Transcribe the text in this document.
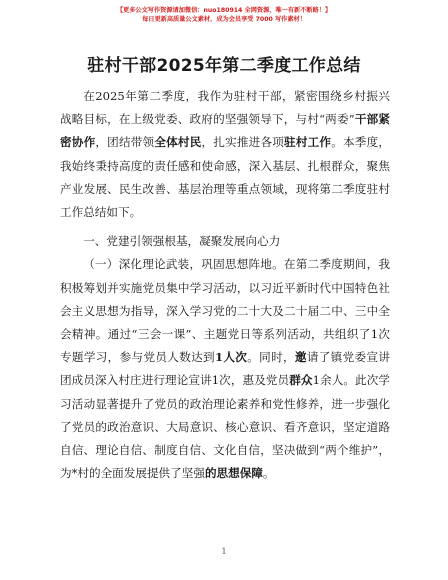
【更多公文写作资源请加微信：nuo180914 全网资源，唯一有新不断路！】
每日更新高质量公文素材，成为会员享受 7000 写作素材！
驻村干部2025年第二季度工作总结

在2025年第二季度，我作为驻村干部，紧密围绕乡村振兴战略目标，在上级党委、政府的坚强领导下，与村“两委”干部紧密协作，团结带领全体村民，扎实推进各项驻村工作。本季度，我始终秉持高度的责任感和使命感，深入基层、扎根群众，聚焦产业发展、民生改善、基层治理等重点领域，现将第二季度驻村工作总结如下。

一、党建引领强根基，凝聚发展向心力

（一）深化理论武装，巩固思想阵地。在第二季度期间，我积极筹划并实施党员集中学习活动，以习近平新时代中国特色社会主义思想为指导，深入学习党的二十大及二十届二中、三中全会精神。通过“三会一课”、主题党日等系列活动，共组织了1次专题学习，参与党员人数达到1人次。同时，邀请了镇党委宣讲团成员深入村庄进行理论宣讲1次，惠及党员群众1余人。此次学习活动显著提升了党员的政治理论素养和党性修养，进一步强化了党员的政治意识、大局意识、核心意识、看齐意识，坚定道路自信、理论自信、制度自信、文化自信，坚决做到“两个维护”，为*村的全面发展提供了坚强的思想保障。

1
